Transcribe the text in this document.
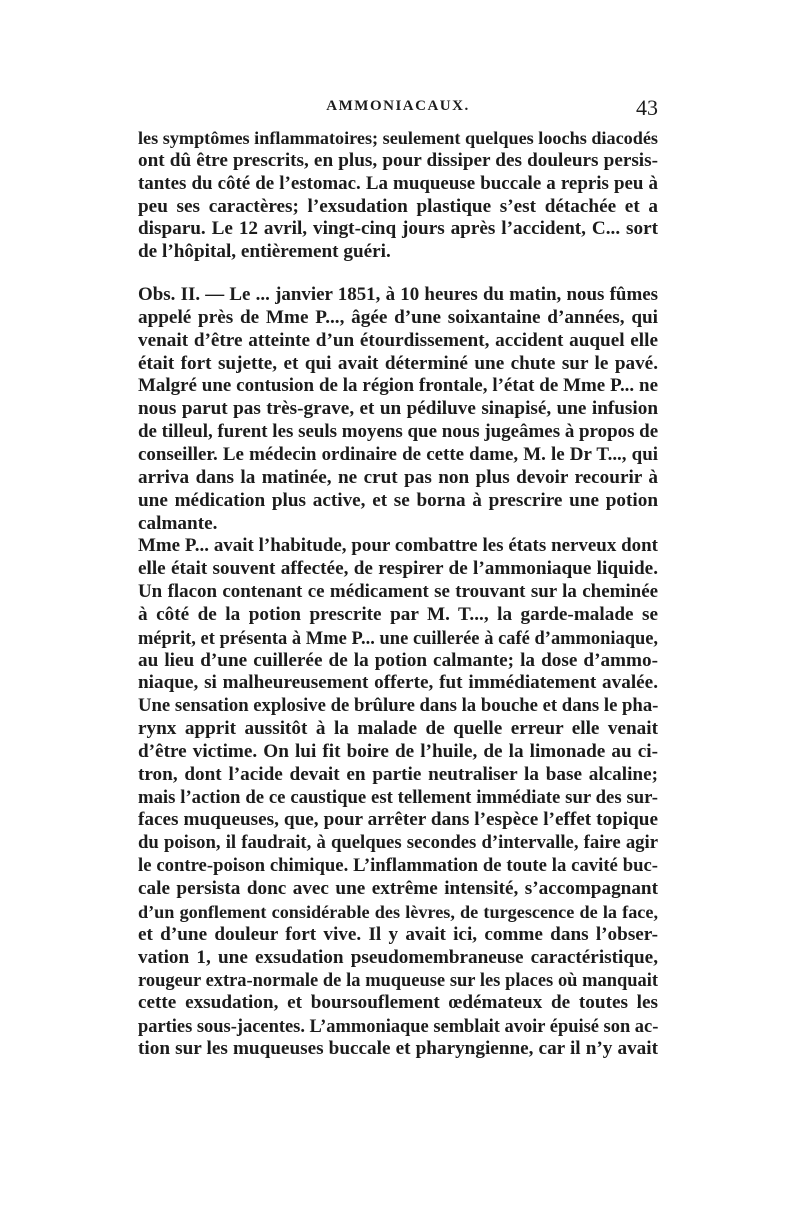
AMMONIACAUX.	43
les symptômes inflammatoires; seulement quelques loochs diacodés
ont dû être prescrits, en plus, pour dissiper des douleurs persis-
tantes du côté de l’estomac. La muqueuse buccale a repris peu à
peu ses caractères; l’exsudation plastique s’est détachée et a
disparu. Le 12 avril, vingt-cinq jours après l’accident, C... sort
de l’hôpital, entièrement guéri.
Obs. II. — Le ... janvier 1851, à 10 heures du matin, nous fûmes
appelé près de Mme P..., âgée d’une soixantaine d’années, qui
venait d’être atteinte d’un étourdissement, accident auquel elle
était fort sujette, et qui avait déterminé une chute sur le pavé.
Malgré une contusion de la région frontale, l’état de Mme P... ne
nous parut pas très-grave, et un pédiluve sinapisé, une infusion
de tilleul, furent les seuls moyens que nous jugeâmes à propos de
conseiller. Le médecin ordinaire de cette dame, M. le Dr T..., qui
arriva dans la matinée, ne crut pas non plus devoir recourir à
une médication plus active, et se borna à prescrire une potion
calmante.
Mme P... avait l’habitude, pour combattre les états nerveux dont
elle était souvent affectée, de respirer de l’ammoniaque liquide.
Un flacon contenant ce médicament se trouvant sur la cheminée
à côté de la potion prescrite par M. T..., la garde-malade se
méprit, et présenta à Mme P... une cuillerée à café d’ammoniaque,
au lieu d’une cuillerée de la potion calmante; la dose d’ammo-
niaque, si malheureusement offerte, fut immédiatement avalée.
Une sensation explosive de brûlure dans la bouche et dans le pha-
rynx apprit aussitôt à la malade de quelle erreur elle venait
d’être victime. On lui fit boire de l’huile, de la limonade au ci-
tron, dont l’acide devait en partie neutraliser la base alcaline;
mais l’action de ce caustique est tellement immédiate sur des sur-
faces muqueuses, que, pour arrêter dans l’espèce l’effet topique
du poison, il faudrait, à quelques secondes d’intervalle, faire agir
le contre-poison chimique. L’inflammation de toute la cavité buc-
cale persista donc avec une extrême intensité, s’accompagnant
d’un gonflement considérable des lèvres, de turgescence de la face,
et d’une douleur fort vive. Il y avait ici, comme dans l’obser-
vation 1, une exsudation pseudomembraneuse caractéristique,
rougeur extra-normale de la muqueuse sur les places où manquait
cette exsudation, et boursouflement œdémateux de toutes les
parties sous-jacentes. L’ammoniaque semblait avoir épuisé son ac-
tion sur les muqueuses buccale et pharyngienne, car il n’y avait
